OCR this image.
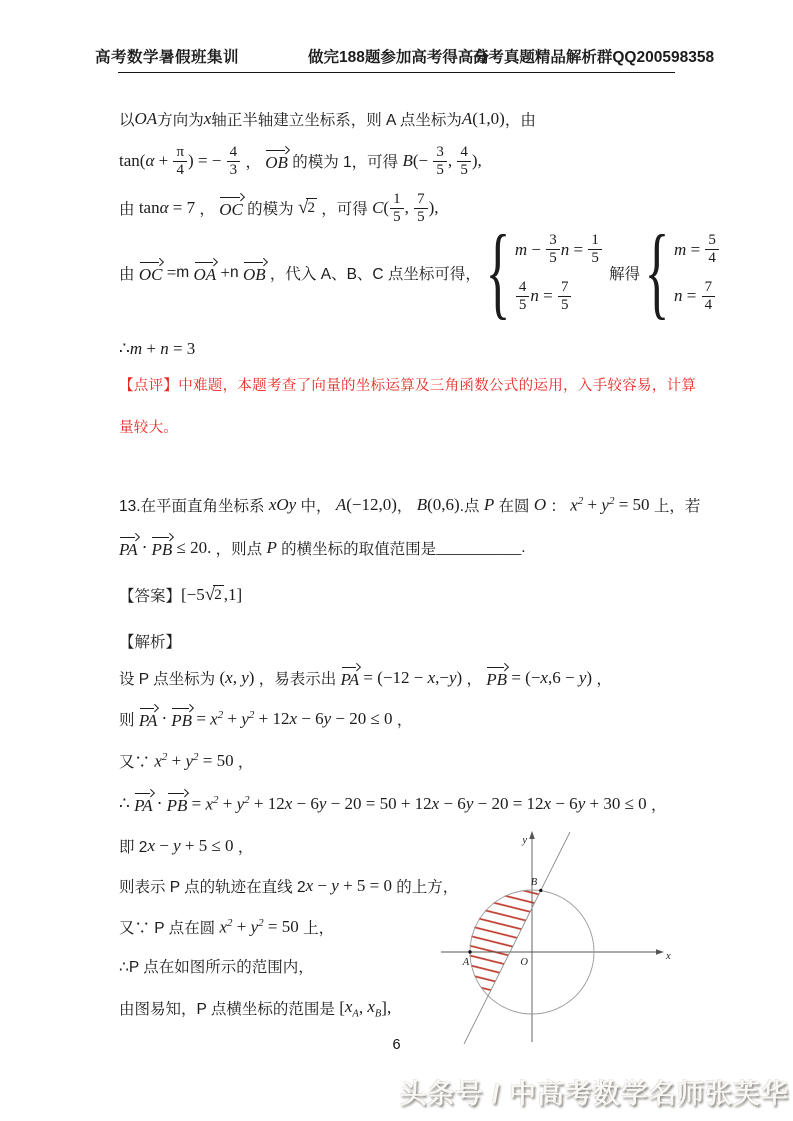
高考数学暑假班集训	做完188题参加高考得高分
高考真题精品解析群QQ200598358
以 OA 方向为 x 轴正半轴建立坐标系，则 A 点坐标为 A (1,0) ，由
tan( $\alpha + \frac{\pi}{4}$ ) = − $\frac{4}{3}$ ， OB 的模为 1，可得 B (− $\frac{3}{5}$ , $\frac{4}{5}$ ),
由 tan α = 7 ， OC 的模为 √ 2 ，可得 C ( $\frac{1}{5}$ , $\frac{7}{5}$ ),
由 OC = m OA + n OB ，代入 A、B、C 点坐标可得， { $m - \frac{3}{5}$ $n = \frac{1}{5}$
$\frac{4}{5}$ $n = \frac{7}{5}$
解得 { $m = \frac{5}{4}$
$n = \frac{7}{4}$
∴ m + n = 3
【点评】中难题，本题考查了向量的坐标运算及三角函数公式的运用，入手较容易，计算量较大。
13.在平面直角坐标系 xOy 中， A (−12,0) ， B (0,6) .点 P 在圆 O ： $x^2 + y^2 = 50$ 上，若
PA ⋅ PB ≤ 20. ，则点 P 的横坐标的取值范围是 __________ .
【答案】 [−5 √ 2 ,1]
【解析】
设 P 点坐标为 ( x , y ) ，易表示出 PA = (−12 − x ,− y ) ， PB = (− x ,6 − y ) ，
则 PA ⋅ PB = $x^2 + y^2 + 12$ x − 6 y − 20 ≤ 0 ，
又∵ $x^2 + y^2 = 50$ ，
∴ PA ⋅ PB = $x^2 + y^2 + 12$ x − 6 y − 20 = 50 + 12 x − 6 y − 20 = 12 x − 6 y + 30 ≤ 0 ，
即 2 x − y + 5 ≤ 0 ，
则表示 P 点的轨迹在直线 2 x − y + 5 = 0 的上方，
又∵ P 点在圆 $x^2 + y^2 = 50$ 上，
∴P 点在如图所示的范围内，
由图易知，P 点横坐标的范围是 [ $x_A$ , $x_B$ ],
y
x
O
A
B
6
头条号 / 中高考数学名师张芙华
